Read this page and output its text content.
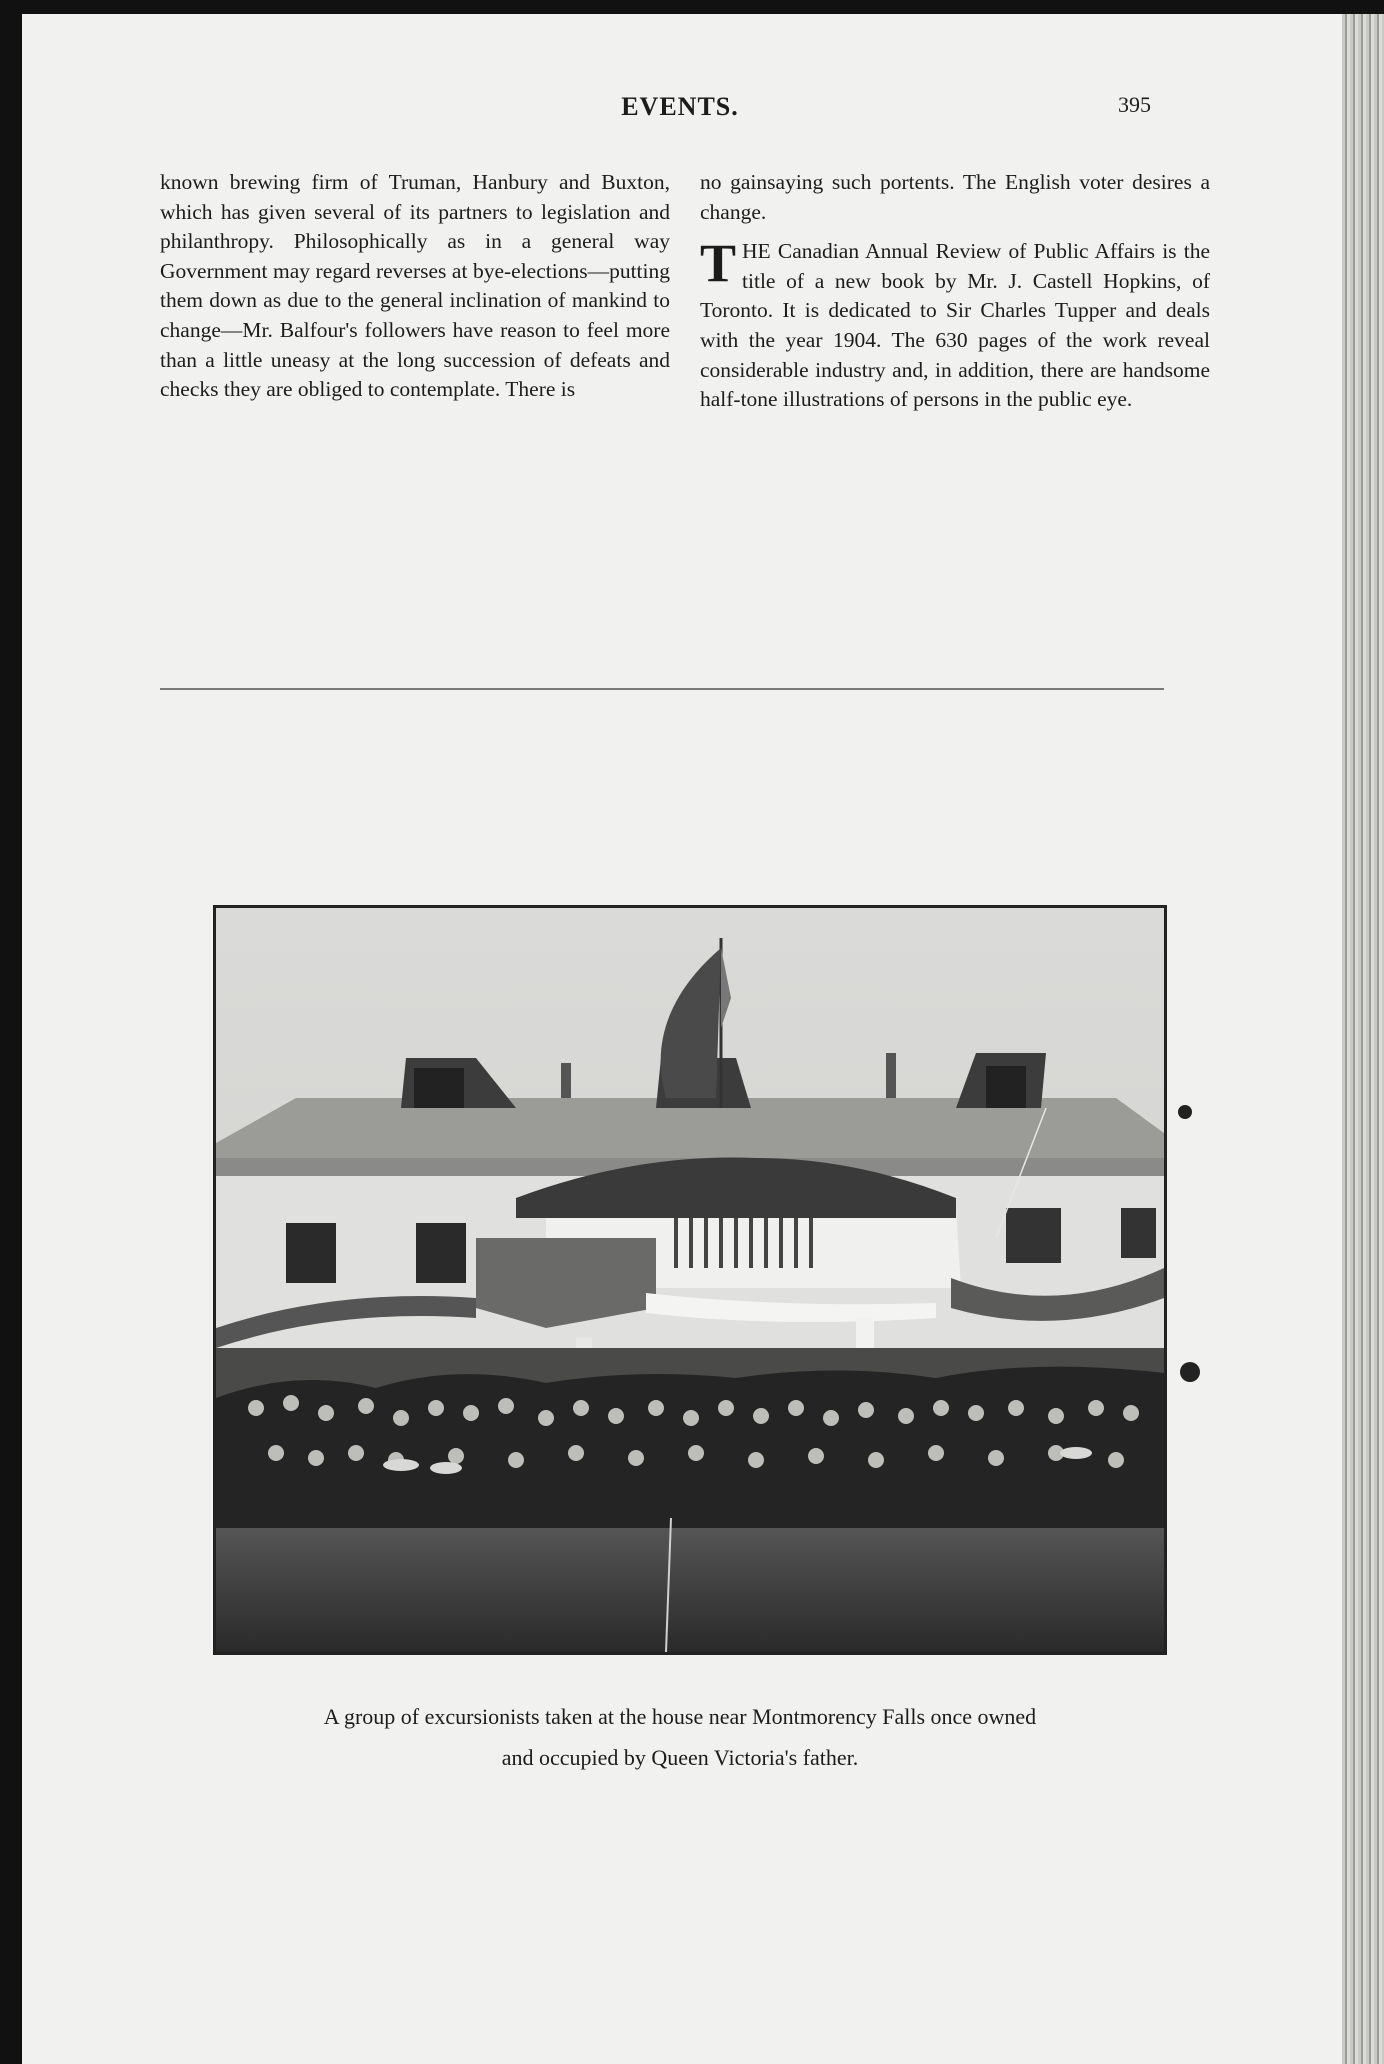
EVENTS.	395

known brewing firm of Truman, Hanbury and Buxton, which has given several of its partners to legislation and philanthropy. Philosophically as in a general way Government may regard reverses at bye-elections—putting them down as due to the general inclination of mankind to change—Mr. Balfour's followers have reason to feel more than a little uneasy at the long succession of defeats and checks they are obliged to contemplate. There is

no gainsaying such portents. The English voter desires a change.

THE Canadian Annual Review of Public Affairs is the title of a new book by Mr. J. Castell Hopkins, of Toronto. It is dedicated to Sir Charles Tupper and deals with the year 1904. The 630 pages of the work reveal considerable industry and, in addition, there are handsome half-tone illustrations of persons in the public eye.

A group of excursionists taken at the house near Montmorency Falls once owned

and occupied by Queen Victoria's father.
